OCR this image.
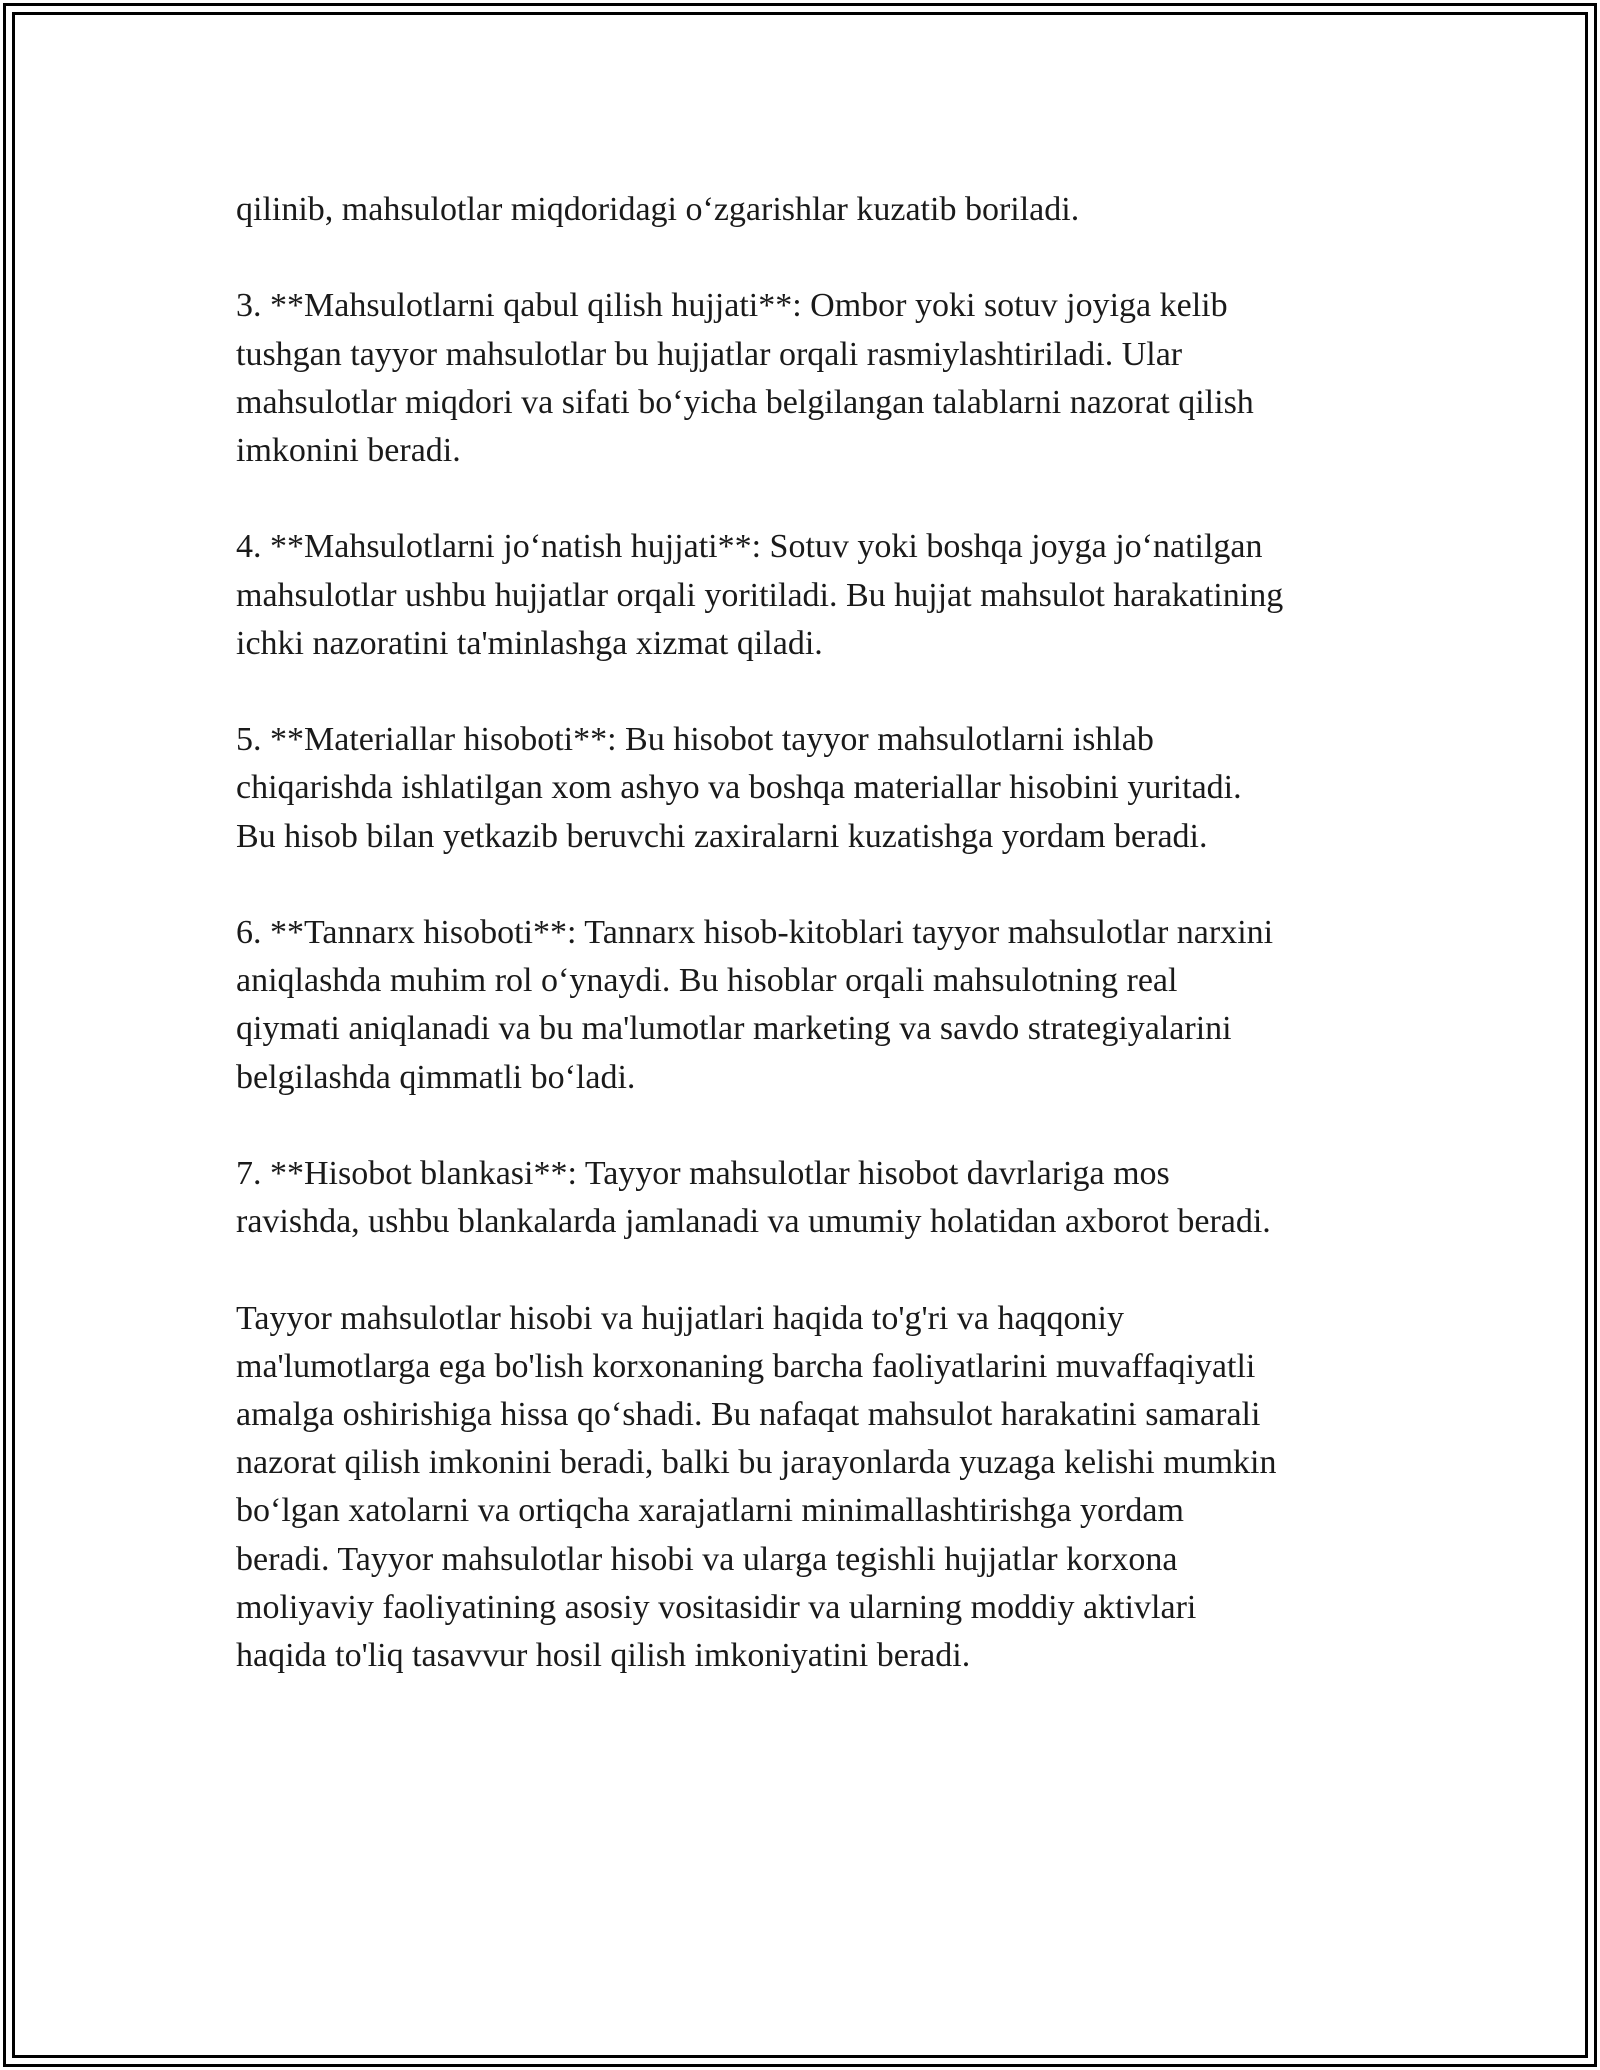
qilinib, mahsulotlar miqdoridagi o‘zgarishlar kuzatib boriladi.

3. **Mahsulotlarni qabul qilish hujjati**: Ombor yoki sotuv joyiga kelib
tushgan tayyor mahsulotlar bu hujjatlar orqali rasmiylashtiriladi. Ular
mahsulotlar miqdori va sifati bo‘yicha belgilangan talablarni nazorat qilish
imkonini beradi.

4. **Mahsulotlarni jo‘natish hujjati**: Sotuv yoki boshqa joyga jo‘natilgan
mahsulotlar ushbu hujjatlar orqali yoritiladi. Bu hujjat mahsulot harakatining
ichki nazoratini ta'minlashga xizmat qiladi.

5. **Materiallar hisoboti**: Bu hisobot tayyor mahsulotlarni ishlab
chiqarishda ishlatilgan xom ashyo va boshqa materiallar hisobini yuritadi.
Bu hisob bilan yetkazib beruvchi zaxiralarni kuzatishga yordam beradi.

6. **Tannarx hisoboti**: Tannarx hisob-kitoblari tayyor mahsulotlar narxini
aniqlashda muhim rol o‘ynaydi. Bu hisoblar orqali mahsulotning real
qiymati aniqlanadi va bu ma'lumotlar marketing va savdo strategiyalarini
belgilashda qimmatli bo‘ladi.

7. **Hisobot blankasi**: Tayyor mahsulotlar hisobot davrlariga mos
ravishda, ushbu blankalarda jamlanadi va umumiy holatidan axborot beradi.

Tayyor mahsulotlar hisobi va hujjatlari haqida to'g'ri va haqqoniy
ma'lumotlarga ega bo'lish korxonaning barcha faoliyatlarini muvaffaqiyatli
amalga oshirishiga hissa qo‘shadi. Bu nafaqat mahsulot harakatini samarali
nazorat qilish imkonini beradi, balki bu jarayonlarda yuzaga kelishi mumkin
bo‘lgan xatolarni va ortiqcha xarajatlarni minimallashtirishga yordam
beradi. Tayyor mahsulotlar hisobi va ularga tegishli hujjatlar korxona
moliyaviy faoliyatining asosiy vositasidir va ularning moddiy aktivlari
haqida to'liq tasavvur hosil qilish imkoniyatini beradi.
